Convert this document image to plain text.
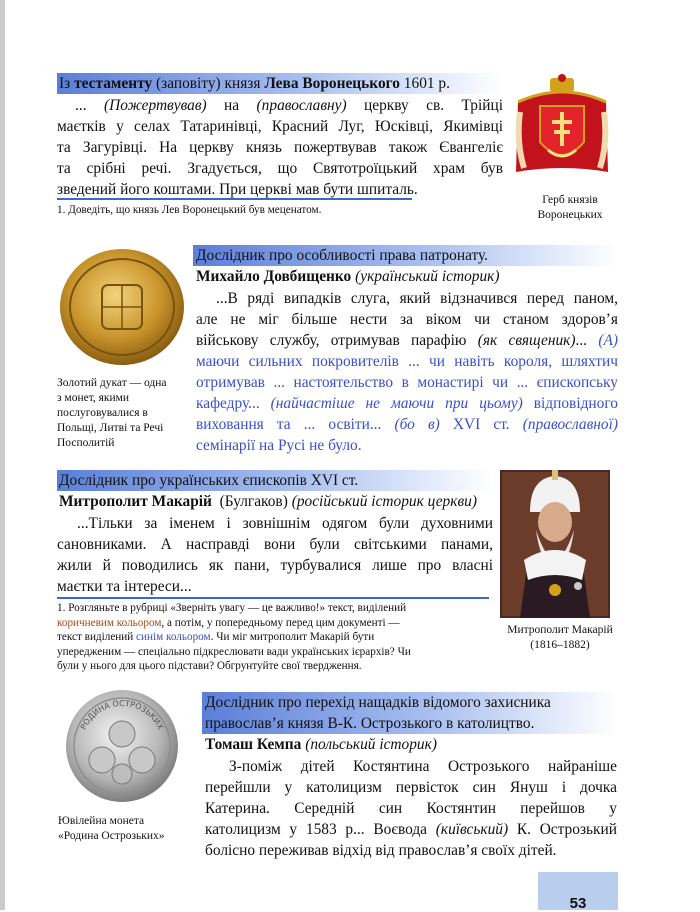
Із тестаменту (заповіту) князя Лева Воронецького 1601 р.
... (Пожертвував) на (православну) церкву св. Трійці
маєтків у селах Татаринівці, Красний Луг, Юсківці, Якимівці
та Загурівці. На церкву князь пожертвував також Євангеліє
та срібні речі. Згадується, що Святотроїцький храм був
зведений його коштами. При церкві мав бути шпиталь.
1. Доведіть, що князь Лев Воронецький був меценатом.
Герб князів
Воронецьких
Золотий дукат — одна
з монет, якими
послуговувалися в
Польщі, Литві та Речі
Посполитій
Дослідник про особливості права патронату.
Михайло Довбищенко (український історик)
...В ряді випадків слуга, який відзначився перед паном,
але не міг більше нести за віком чи станом здоров’я
військову службу, отримував парафію (як священик)... (А)
маючи сильних покровителів ... чи навіть короля, шляхтич
отримував ... настоятельство в монастирі чи ... єпископську
кафедру... (найчастіше не маючи при цьому) відповідного
виховання та ... освіти... (бо в) XVI ст. (православної)
семінарії на Русі не було.
Дослідник про українських єпископів XVI ст.
Митрополит Макарій (Булгаков) (російський історик церкви)
...Тільки за іменем і зовнішнім одягом були духовними
сановниками. А насправді вони були світськими панами,
жили й поводились як пани, турбувалися лише про власні
маєтки та інтереси...
1. Розгляньте в рубриці «Зверніть увагу — це важливо!» текст, виділений
коричневим кольором, а потім, у попередньому перед цим документі —
текст виділений синім кольором. Чи міг митрополит Макарій бути
упередженим — спеціально підкреслювати вади українських ієрархів? Чи
були у нього для цього підстави? Обгрунтуйте свої твердження.
Митрополит Макарій
(1816–1882)
РОДИНА ОСТРОЗЬКИХ
Ювілейна монета
«Родина Острозьких»
Дослідник про перехід нащадків відомого захисника
православ’я князя В-К. Острозького в католицтво.
Томаш Кемпа (польський історик)
З-поміж дітей Костянтина Острозького найраніше
перейшли у католицизм первісток син Януш і дочка
Катерина. Середній син Костянтин перейшов у
католицизм у 1583 р... Воєвода (київський) К. Острозький
болісно переживав відхід від православ’я своїх дітей.
53
